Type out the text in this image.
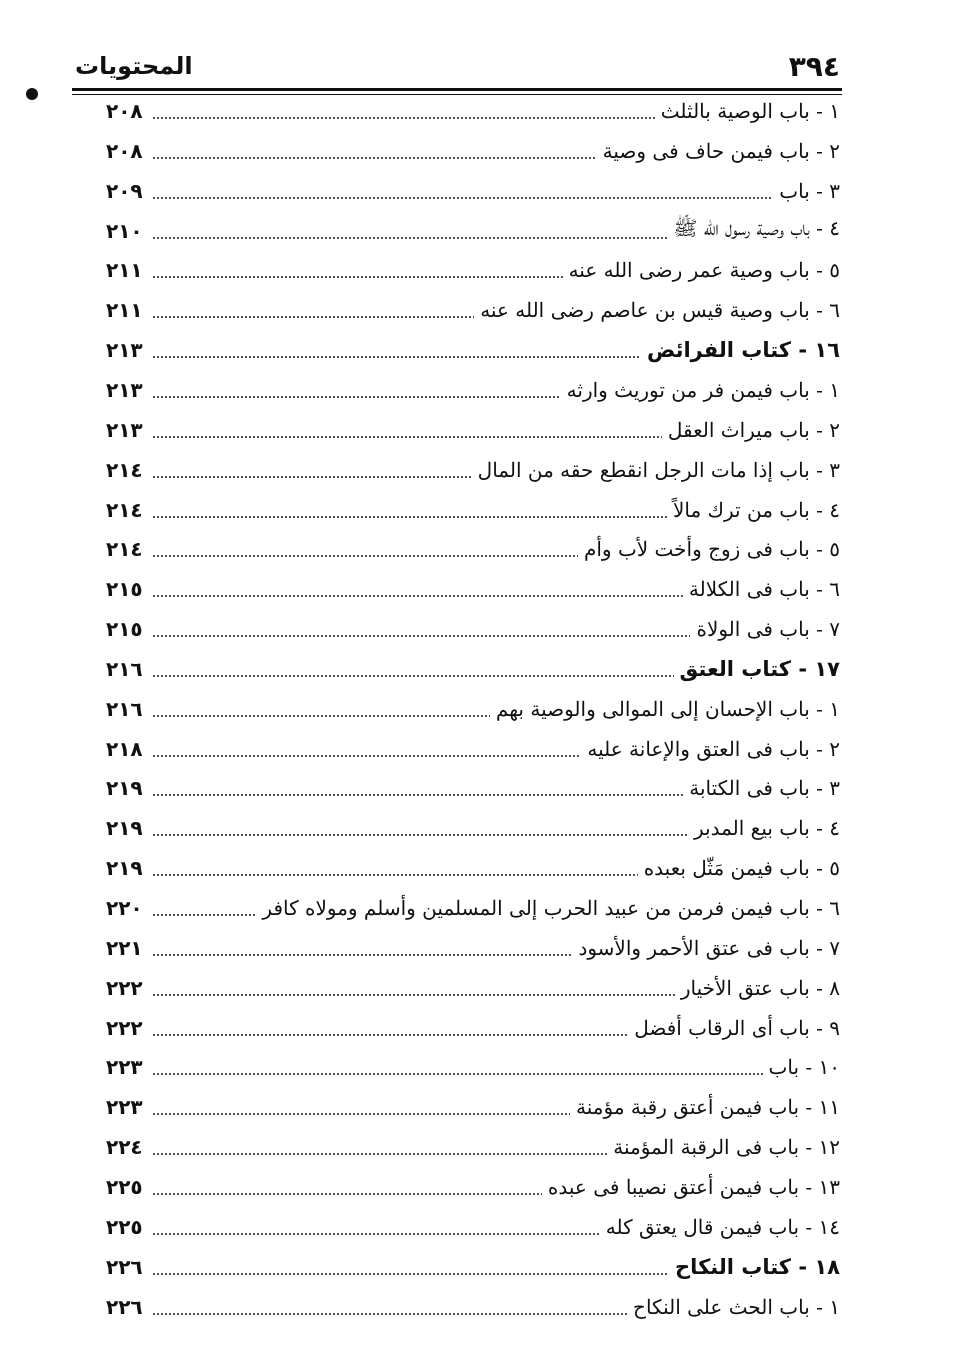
٣٩٤
المحتويات
١ - باب الوصية بالثلث
٢٠٨
٢ - باب فيمن حاف فى وصية
٢٠٨
٣ - باب
٢٠٩
٤ - باب وصية رسول الله ﷺ
٢١٠
٥ - باب وصية عمر رضى الله عنه
٢١١
٦ - باب وصية قيس بن عاصم رضى الله عنه
٢١١
١٦ - كتاب الفرائض
٢١٣
١ - باب فيمن فر من توريث وارثه
٢١٣
٢ - باب ميراث العقل
٢١٣
٣ - باب إذا مات الرجل انقطع حقه من المال
٢١٤
٤ - باب من ترك مالاً
٢١٤
٥ - باب فى زوج وأخت لأب وأم
٢١٤
٦ - باب فى الكلالة
٢١٥
٧ - باب فى الولاة
٢١٥
١٧ - كتاب العتق
٢١٦
١ - باب الإحسان إلى الموالى والوصية بهم
٢١٦
٢ - باب فى العتق والإعانة عليه
٢١٨
٣ - باب فى الكتابة
٢١٩
٤ - باب بيع المدبر
٢١٩
٥ - باب فيمن مَثّل بعبده
٢١٩
٦ - باب فيمن فرمن من عبيد الحرب إلى المسلمين وأسلم ومولاه كافر
٢٢٠
٧ - باب فى عتق الأحمر والأسود
٢٢١
٨ - باب عتق الأخيار
٢٢٢
٩ - باب أى الرقاب أفضل
٢٢٢
١٠ - باب
٢٢٣
١١ - باب فيمن أعتق رقبة مؤمنة
٢٢٣
١٢ - باب فى الرقبة المؤمنة
٢٢٤
١٣ - باب فيمن أعتق نصيبا فى عبده
٢٢٥
١٤ - باب فيمن قال يعتق كله
٢٢٥
١٨ - كتاب النكاح
٢٢٦
١ - باب الحث على النكاح
٢٢٦
